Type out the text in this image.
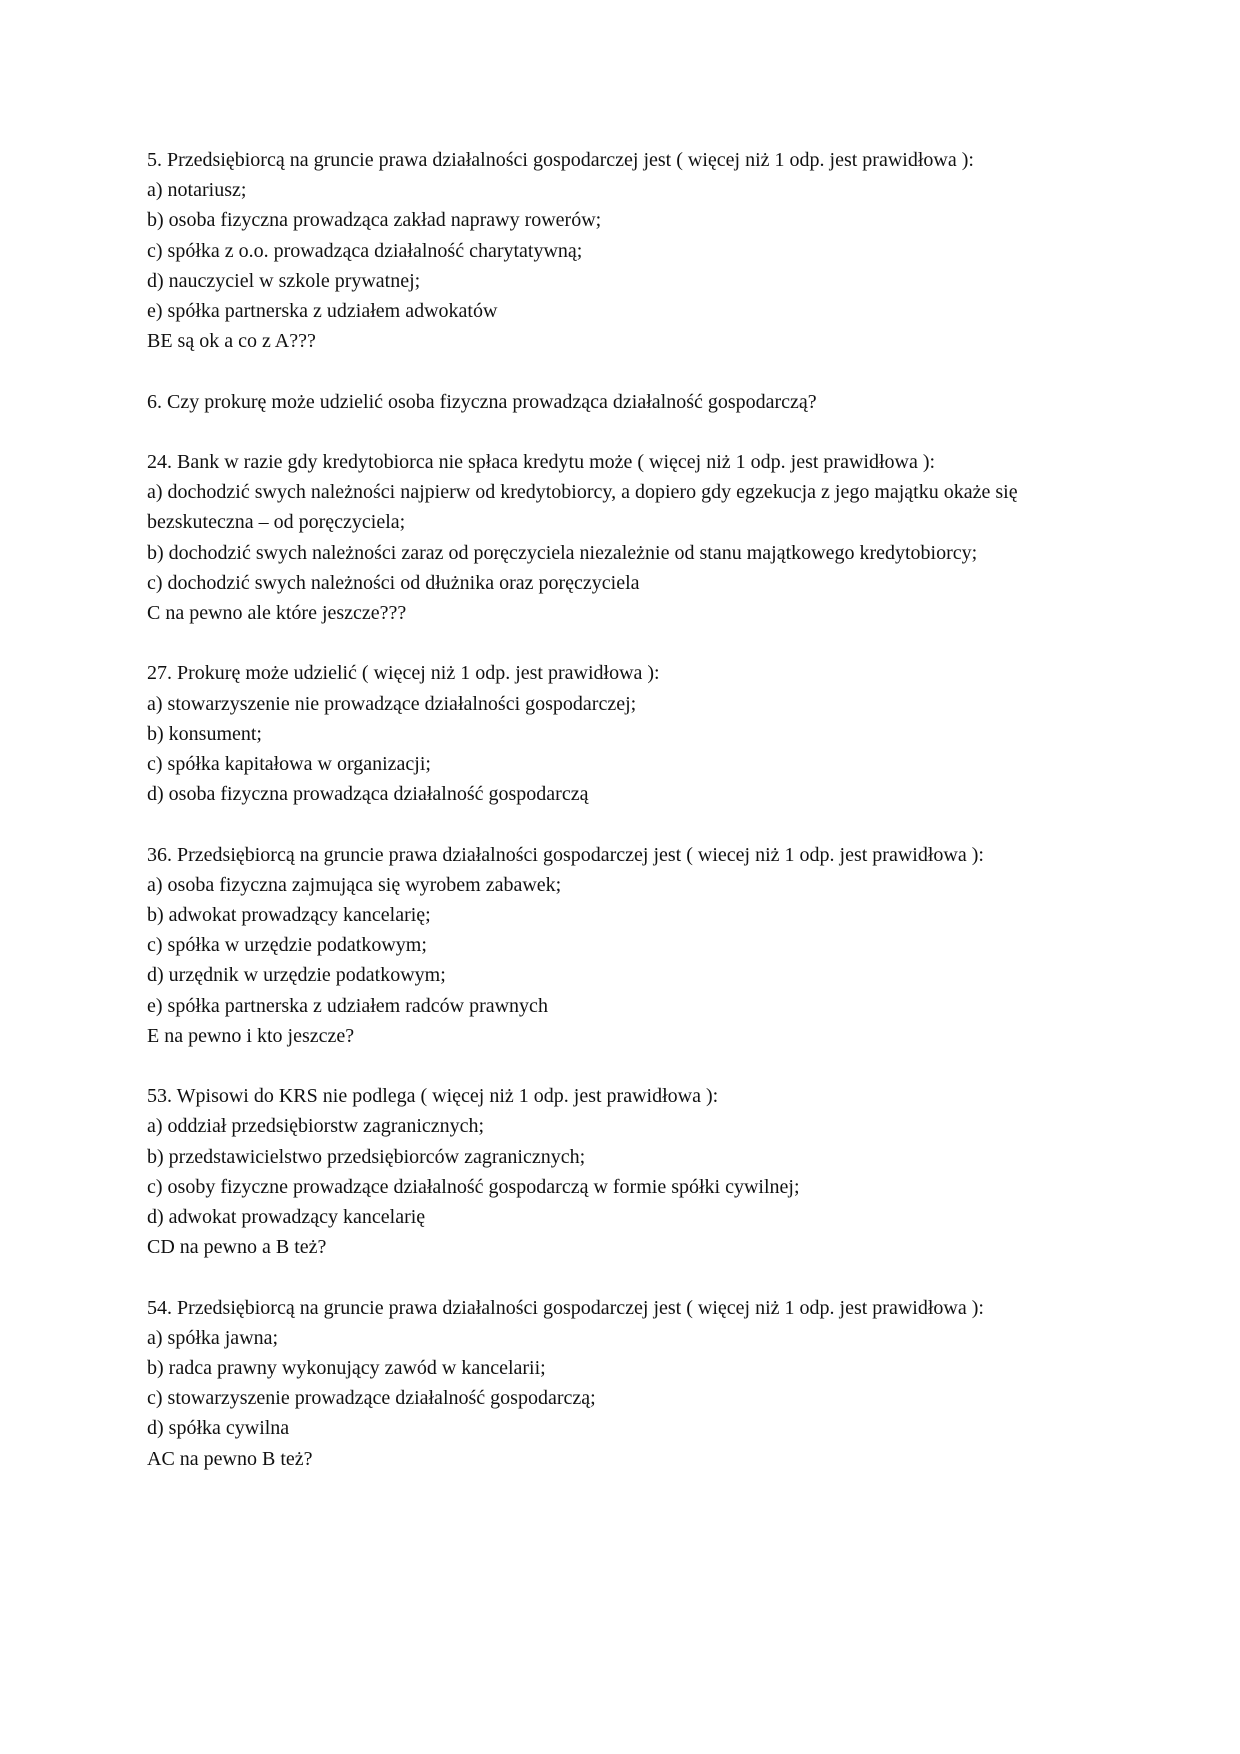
5. Przedsiębiorcą na gruncie prawa działalności gospodarczej jest ( więcej niż 1 odp. jest prawidłowa ):
a) notariusz;
b) osoba fizyczna prowadząca zakład naprawy rowerów;
c) spółka z o.o. prowadząca działalność charytatywną;
d) nauczyciel w szkole prywatnej;
e) spółka partnerska z udziałem adwokatów
BE są ok a co z A???
6. Czy prokurę może udzielić osoba fizyczna prowadząca działalność gospodarczą?
24. Bank w razie gdy kredytobiorca nie spłaca kredytu może ( więcej niż 1 odp. jest prawidłowa ):
a) dochodzić swych należności najpierw od kredytobiorcy, a dopiero gdy egzekucja z jego majątku okaże się bezskuteczna – od poręczyciela;
b) dochodzić swych należności zaraz od poręczyciela niezależnie od stanu majątkowego kredytobiorcy;
c) dochodzić swych należności od dłużnika oraz poręczyciela
C na pewno ale które jeszcze???
27. Prokurę może udzielić ( więcej niż 1 odp. jest prawidłowa ):
a) stowarzyszenie nie prowadzące działalności gospodarczej;
b) konsument;
c) spółka kapitałowa w organizacji;
d) osoba fizyczna prowadząca działalność gospodarczą
36. Przedsiębiorcą na gruncie prawa działalności gospodarczej jest ( wiecej niż 1 odp. jest prawidłowa ):
a) osoba fizyczna zajmująca się wyrobem zabawek;
b) adwokat prowadzący kancelarię;
c) spółka w urzędzie podatkowym;
d) urzędnik w urzędzie podatkowym;
e) spółka partnerska z udziałem radców prawnych
E na pewno i kto jeszcze?
53. Wpisowi do KRS nie podlega ( więcej niż 1 odp. jest prawidłowa ):
a) oddział przedsiębiorstw zagranicznych;
b) przedstawicielstwo przedsiębiorców zagranicznych;
c) osoby fizyczne prowadzące działalność gospodarczą w formie spółki cywilnej;
d) adwokat prowadzący kancelarię
CD na pewno a B też?
54. Przedsiębiorcą na gruncie prawa działalności gospodarczej jest ( więcej niż 1 odp. jest prawidłowa ):
a) spółka jawna;
b) radca prawny wykonujący zawód w kancelarii;
c) stowarzyszenie prowadzące działalność gospodarczą;
d) spółka cywilna
AC na pewno B też?
